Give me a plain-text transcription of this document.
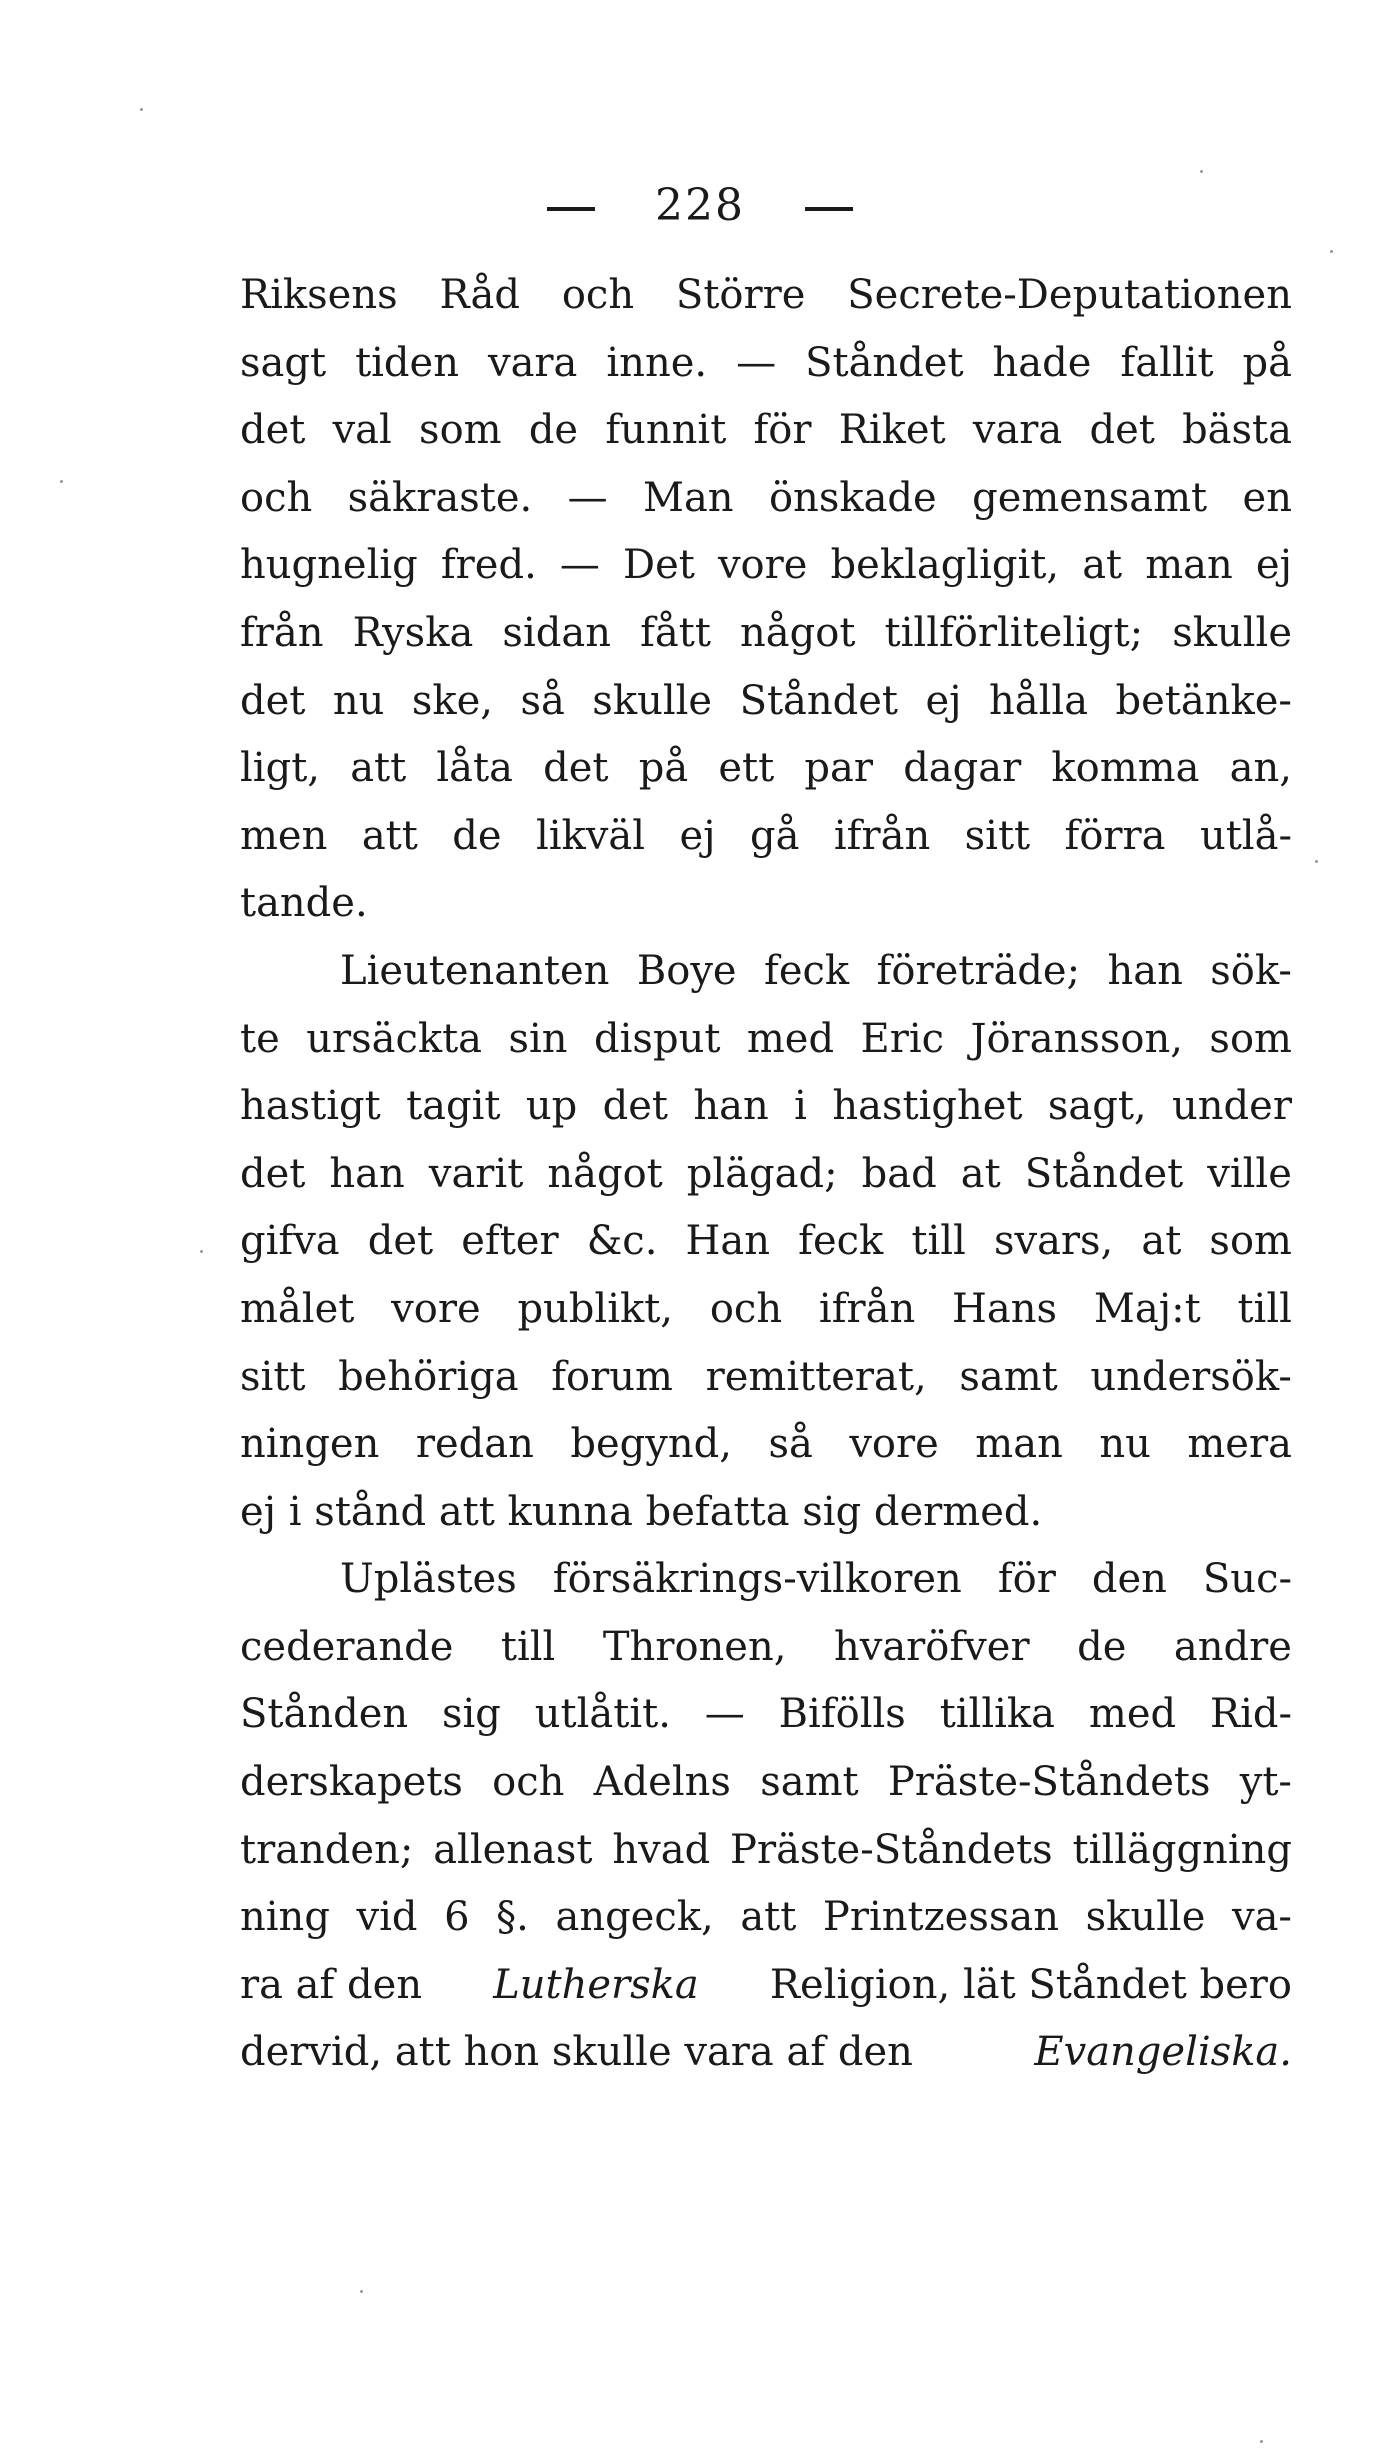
228
Riksens Råd och Större Secrete-Deputationen
sagt tiden vara inne. — Ståndet hade fallit på
det val som de funnit för Riket vara det bästa
och säkraste. — Man önskade gemensamt en
hugnelig fred. — Det vore beklagligit, at man ej
från Ryska sidan fått något tillförliteligt; skulle
det nu ske, så skulle Ståndet ej hålla betänke-
ligt, att låta det på ett par dagar komma an,
men att de likväl ej gå ifrån sitt förra utlå-
tande.
Lieutenanten Boye feck företräde; han sök-
te ursäckta sin disput med Eric Jöransson, som
hastigt tagit up det han i hastighet sagt, under
det han varit något plägad; bad at Ståndet ville
gifva det efter &c. Han feck till svars, at som
målet vore publikt, och ifrån Hans Maj:t till
sitt behöriga forum remitterat, samt undersök-
ningen redan begynd, så vore man nu mera
ej i stånd att kunna befatta sig dermed.
Uplästes försäkrings-vilkoren för den Suc-
cederande till Thronen, hvaröfver de andre
Stånden sig utlåtit. — Bifölls tillika med Rid-
derskapets och Adelns samt Präste-Ståndets yt-
tranden; allenast hvad Präste-Ståndets tilläggning
ning vid 6 §. angeck, att Printzessan skulle va-
ra af den Lutherska Religion, lät Ståndet bero
dervid, att hon skulle vara af den	Evangeliska.
